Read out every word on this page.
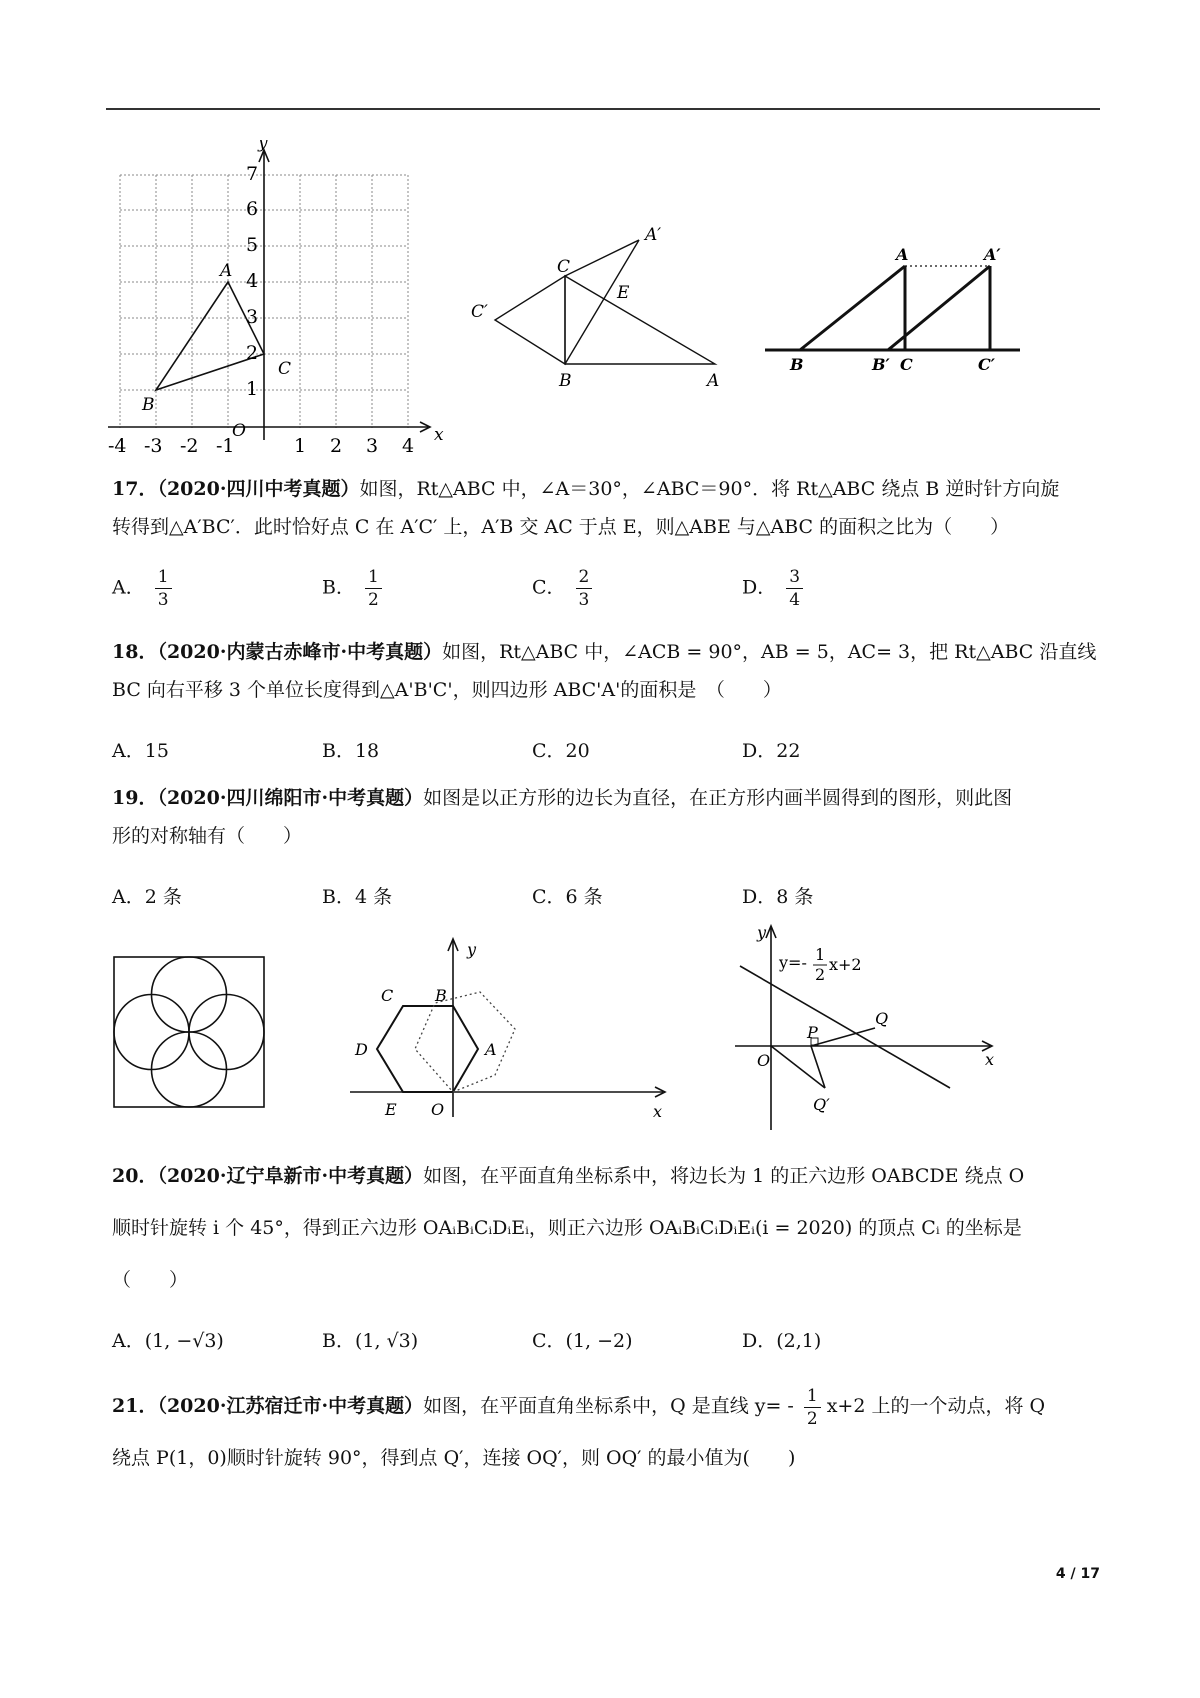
y
x
O
7
6
5
4
3
2
1
-4 -3 -2 -1	1 2 3 4
A
B
C
C
A′
E
C′
B	A
A	A′
B	B′ C	C′
17．（2020·四川中考真题）如图，Rt△ABC 中，∠A＝30°，∠ABC＝90°．将 Rt△ABC 绕点 B 逆时针方向旋
转得到△A′BC′．此时恰好点 C 在 A′C′ 上，A′B 交 AC 于点 E，则△ABE 与△ABC 的面积之比为（　　）
A． $\frac{1}{3}$	B． $\frac{1}{2}$	C． $\frac{2}{3}$	D． $\frac{3}{4}$
18．（2020·内蒙古赤峰市·中考真题）如图，Rt△ABC 中，∠ACB = 90°，AB = 5，AC= 3，把 Rt△ABC 沿直线
BC 向右平移 3 个单位长度得到△A'B'C'，则四边形 ABC'A'的面积是　（　　）
A．15	B．18	C．20	D．22
19．（2020·四川绵阳市·中考真题）如图是以正方形的边长为直径，在正方形内画半圆得到的图形，则此图
形的对称轴有（　　）
A．2 条	B．4 条	C．6 条	D．8 条
y
B
C
D	A
E O	x
y
y=- 1
2
x+2
Q
P
O	x
Q′
20．（2020·辽宁阜新市·中考真题）如图，在平面直角坐标系中，将边长为 1 的正六边形 OABCDE 绕点 O
顺时针旋转 i 个 45°，得到正六边形 OAᵢBᵢCᵢDᵢEᵢ，则正六边形 OAᵢBᵢCᵢDᵢEᵢ(i = 2020) 的顶点 Cᵢ 的坐标是
（　　）
A．(1, −√3)	B．(1, √3)	C．(1, −2)	D．(2,1)
21．（2020·江苏宿迁市·中考真题）如图，在平面直角坐标系中，Q 是直线 $y= - \frac{1}{2} x+2$ 上的一个动点，将 Q
绕点 P(1，0)顺时针旋转 90°，得到点 Q′，连接 OQ′，则 OQ′ 的最小值为(　　)
4 / 17
